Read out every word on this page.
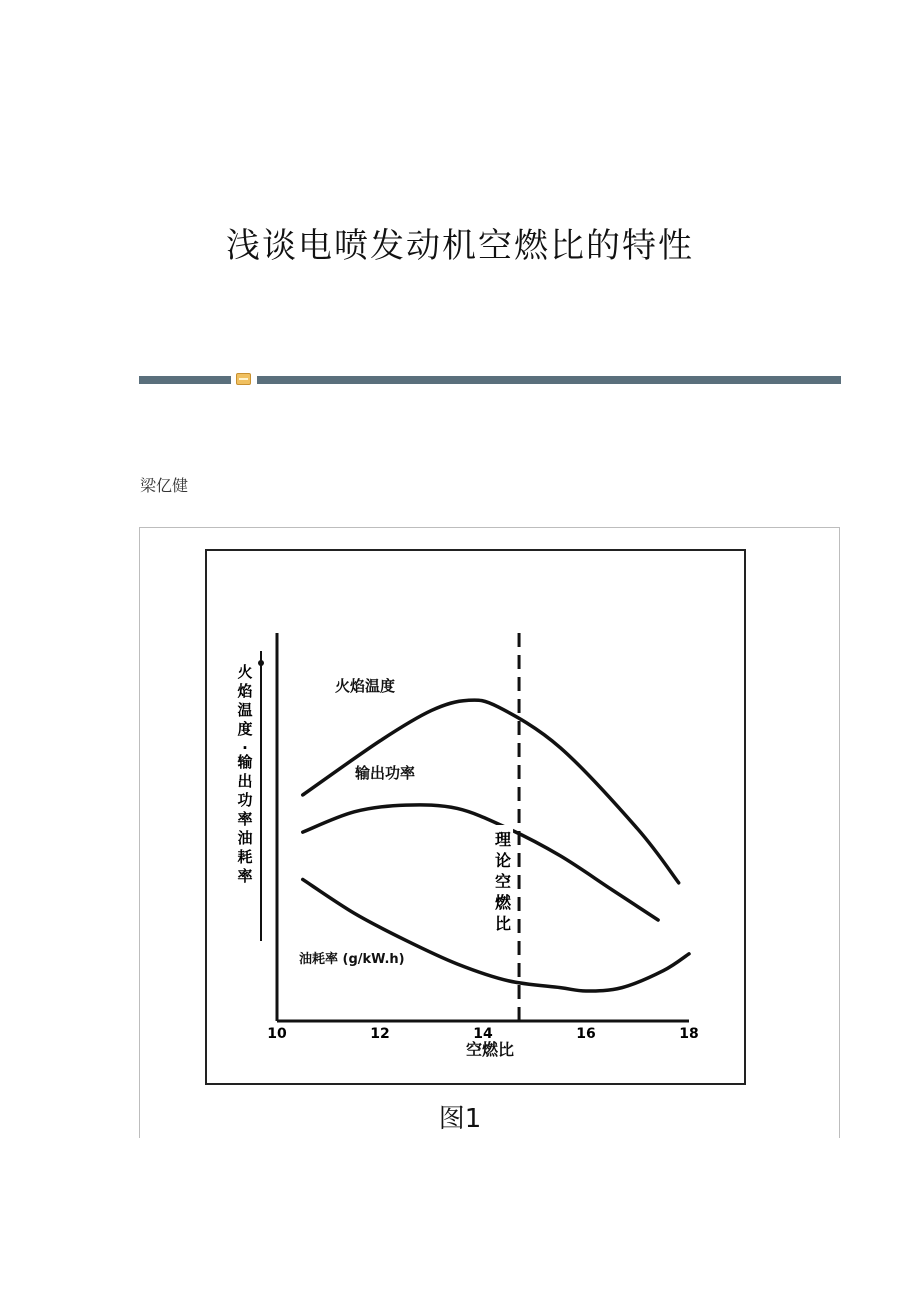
浅谈电喷发动机空燃比的特性
梁亿健
10	12	14	16	18
空燃比
火焰温度
输出功率
油耗率 (g/kW.h)
理
论
空
燃
比
火
焰
温
度
·
输
出
功
率
油
耗
率
图1
